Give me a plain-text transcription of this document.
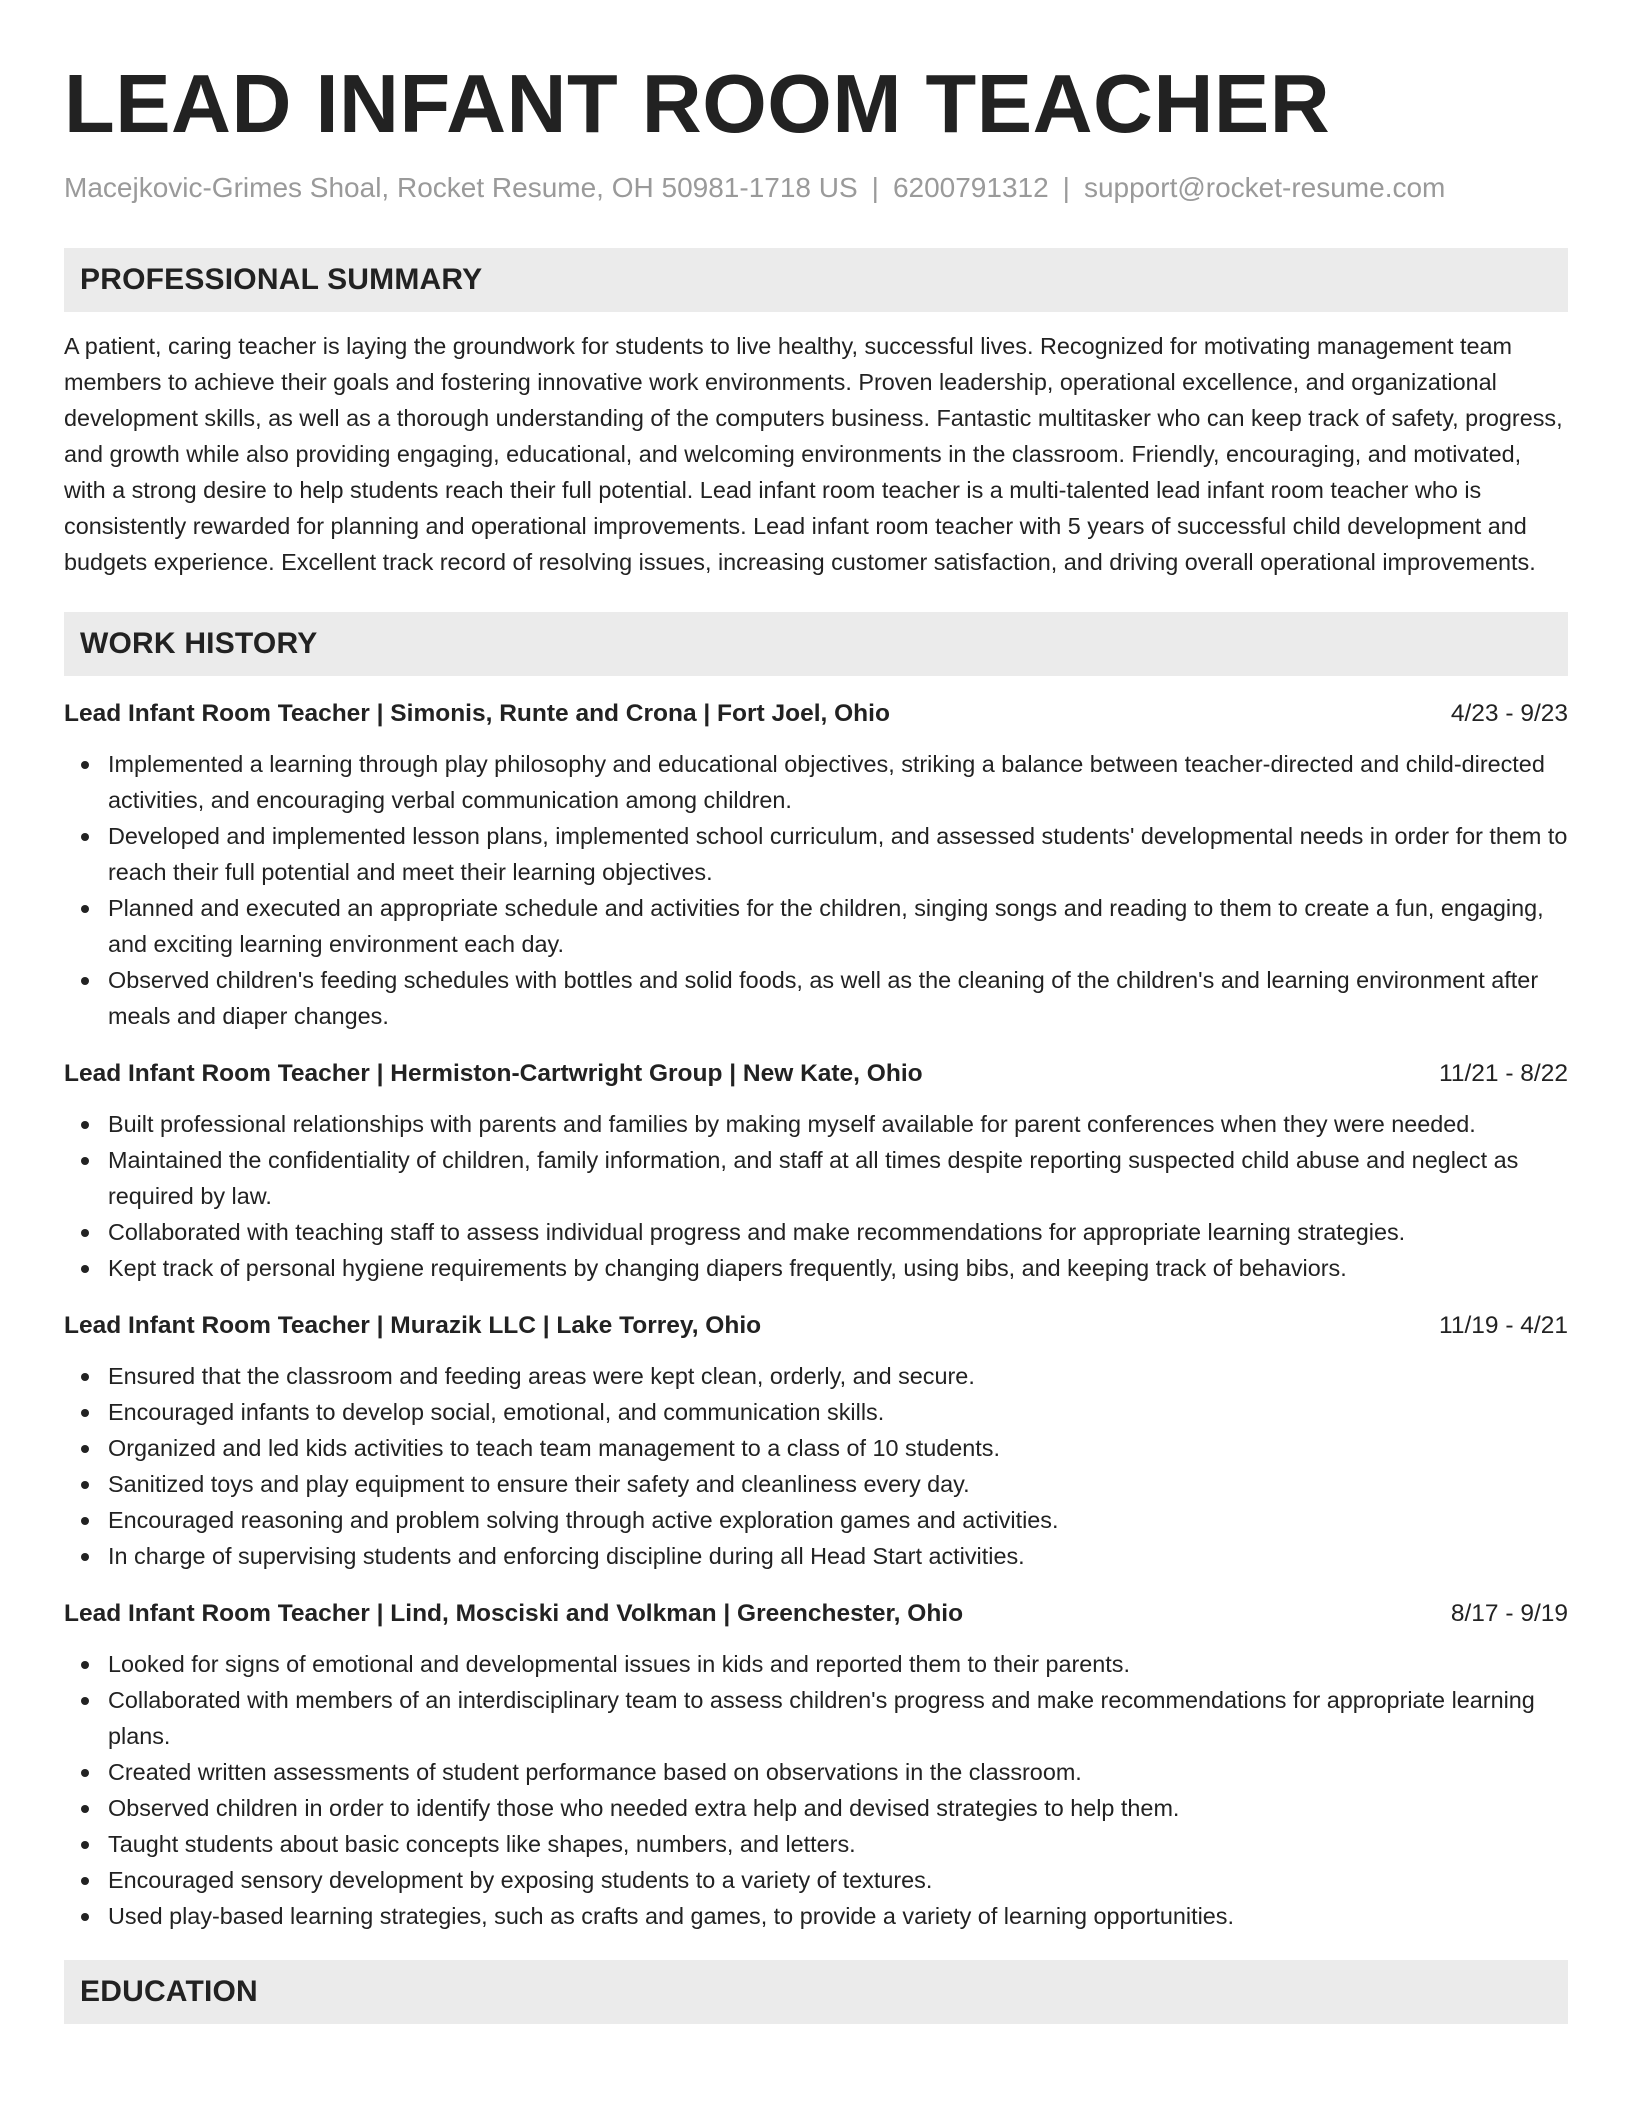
LEAD INFANT ROOM TEACHER
Macejkovic-Grimes Shoal, Rocket Resume, OH 50981-1718 US | 6200791312 | support@rocket-resume.com
PROFESSIONAL SUMMARY
A patient, caring teacher is laying the groundwork for students to live healthy, successful lives. Recognized for motivating management team members to achieve their goals and fostering innovative work environments. Proven leadership, operational excellence, and organizational development skills, as well as a thorough understanding of the computers business. Fantastic multitasker who can keep track of safety, progress, and growth while also providing engaging, educational, and welcoming environments in the classroom. Friendly, encouraging, and motivated, with a strong desire to help students reach their full potential. Lead infant room teacher is a multi-talented lead infant room teacher who is consistently rewarded for planning and operational improvements. Lead infant room teacher with 5 years of successful child development and budgets experience. Excellent track record of resolving issues, increasing customer satisfaction, and driving overall operational improvements.
WORK HISTORY
Lead Infant Room Teacher | Simonis, Runte and Crona | Fort Joel, Ohio	4/23 - 9/23
Implemented a learning through play philosophy and educational objectives, striking a balance between teacher-directed and child-directed activities, and encouraging verbal communication among children.
Developed and implemented lesson plans, implemented school curriculum, and assessed students' developmental needs in order for them to reach their full potential and meet their learning objectives.
Planned and executed an appropriate schedule and activities for the children, singing songs and reading to them to create a fun, engaging, and exciting learning environment each day.
Observed children's feeding schedules with bottles and solid foods, as well as the cleaning of the children's and learning environment after meals and diaper changes.
Lead Infant Room Teacher | Hermiston-Cartwright Group | New Kate, Ohio	11/21 - 8/22
Built professional relationships with parents and families by making myself available for parent conferences when they were needed.
Maintained the confidentiality of children, family information, and staff at all times despite reporting suspected child abuse and neglect as required by law.
Collaborated with teaching staff to assess individual progress and make recommendations for appropriate learning strategies.
Kept track of personal hygiene requirements by changing diapers frequently, using bibs, and keeping track of behaviors.
Lead Infant Room Teacher | Murazik LLC | Lake Torrey, Ohio	11/19 - 4/21
Ensured that the classroom and feeding areas were kept clean, orderly, and secure.
Encouraged infants to develop social, emotional, and communication skills.
Organized and led kids activities to teach team management to a class of 10 students.
Sanitized toys and play equipment to ensure their safety and cleanliness every day.
Encouraged reasoning and problem solving through active exploration games and activities.
In charge of supervising students and enforcing discipline during all Head Start activities.
Lead Infant Room Teacher | Lind, Mosciski and Volkman | Greenchester, Ohio	8/17 - 9/19
Looked for signs of emotional and developmental issues in kids and reported them to their parents.
Collaborated with members of an interdisciplinary team to assess children's progress and make recommendations for appropriate learning plans.
Created written assessments of student performance based on observations in the classroom.
Observed children in order to identify those who needed extra help and devised strategies to help them.
Taught students about basic concepts like shapes, numbers, and letters.
Encouraged sensory development by exposing students to a variety of textures.
Used play-based learning strategies, such as crafts and games, to provide a variety of learning opportunities.
EDUCATION
